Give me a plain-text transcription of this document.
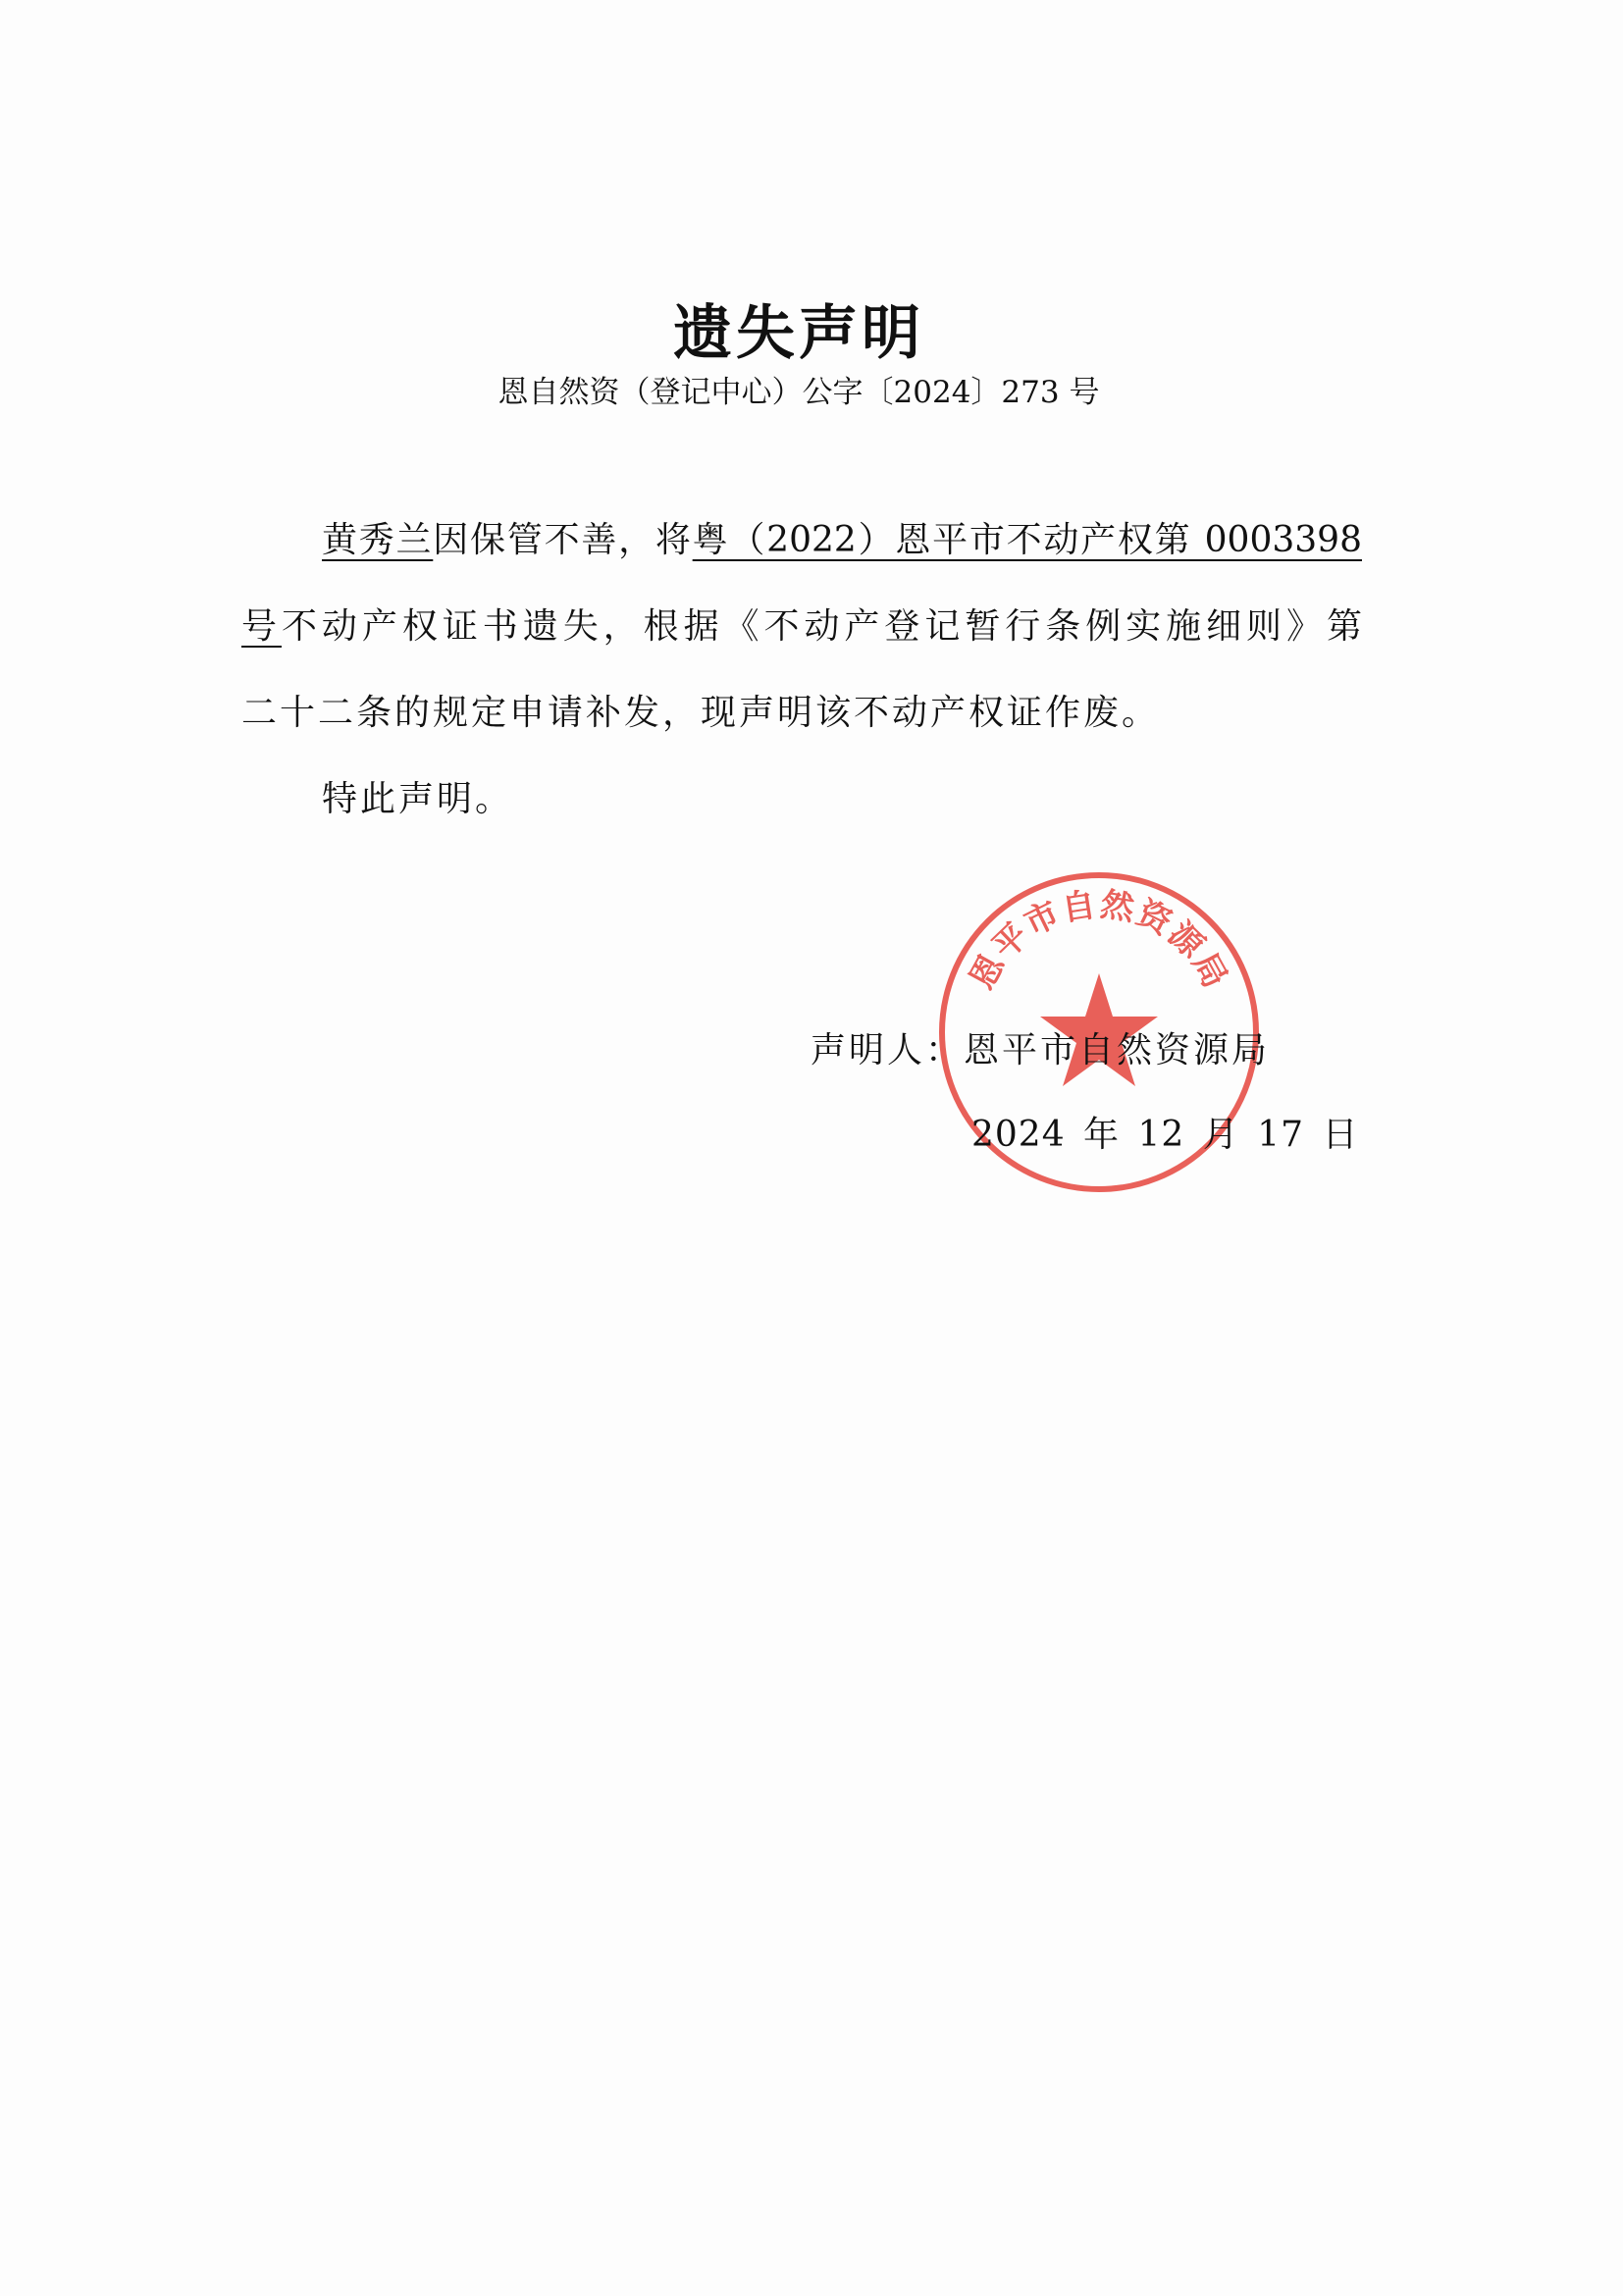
遗失声明
恩自然资（登记中心）公字〔2024〕273 号
黄秀兰因保管不善，将粤（2022）恩平市不动产权第 0003398
号不动产权证书遗失，根据《不动产登记暂行条例实施细则》第
二十二条的规定申请补发，现声明该不动产权证作废。
特此声明。
恩平市自然资源局
声明人：恩平市自然资源局
2024 年 12 月 17 日
